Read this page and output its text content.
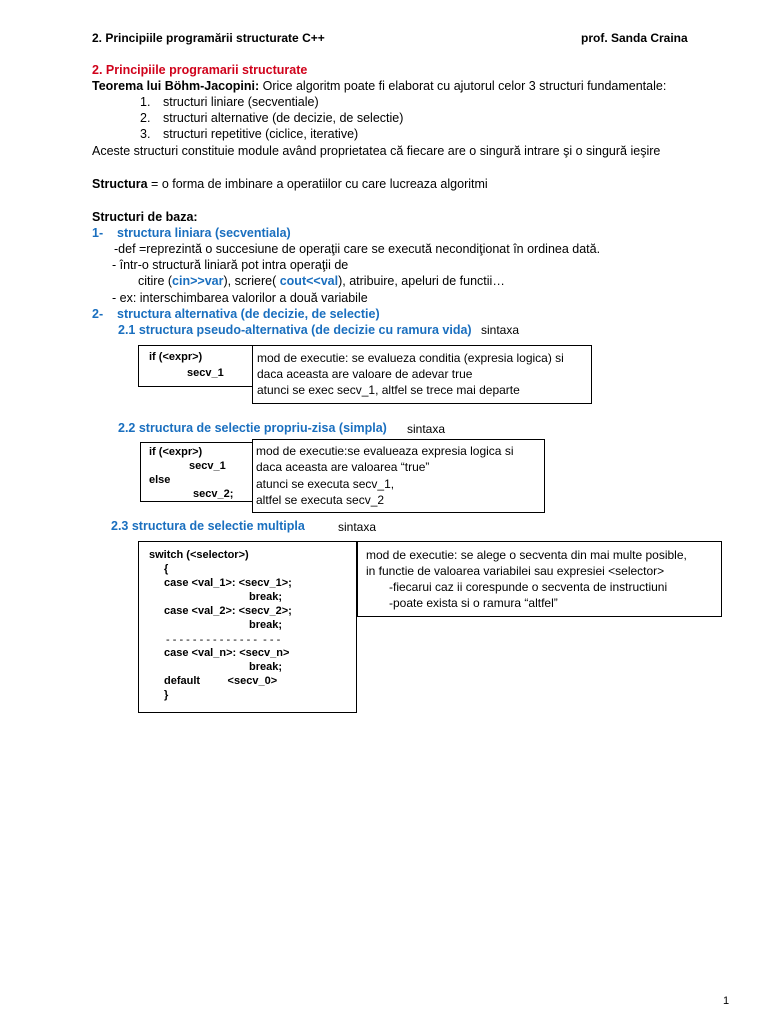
2. Principiile programării structurate C++	prof. Sanda Craina
2. Principiile programarii structurate
Teorema lui Böhm-Jacopini: Orice algoritm poate fi elaborat cu ajutorul celor 3 structuri fundamentale:
1. structuri liniare (secventiale)
2. structuri alternative (de decizie, de selectie)
3. structuri repetitive (ciclice, iterative)
Aceste structuri constituie module având proprietatea că fiecare are o singură intrare şi o singură ieşire
Structura = o forma de imbinare a operatiilor cu care lucreaza algoritmi
Structuri de baza:
1- structura liniara (secventiala)
-def =reprezintă o succesiune de operaţii care se execută necondiţionat în ordinea dată.
- într-o structură liniară pot intra operaţii de
citire (cin>>var), scriere( cout<<val), atribuire, apeluri de functii…
- ex: interschimbarea valorilor a două variabile
2- structura alternativa (de decizie, de selectie)
2.1 structura pseudo-alternativa (de decizie cu ramura vida) sintaxa
if (<expr>)
secv_1
mod de executie: se evalueza conditia (expresia logica) si
daca aceasta are valoare de adevar true
atunci se exec secv_1, altfel se trece mai departe
2.2 structura de selectie propriu-zisa (simpla) sintaxa
if (<expr>)
secv_1
else
secv_2;
mod de executie:se evalueaza expresia logica si
daca aceasta are valoarea “true”
atunci se executa secv_1,
altfel se executa secv_2
2.3 structura de selectie multipla	sintaxa
switch (<selector>)
{
case <val_1>: <secv_1>;
break;
case <val_2>: <secv_2>;
break;
- - - - - - - - - - - - - -  - - -
case <val_n>: <secv_n>
break;
default         <secv_0>
}
mod de executie: se alege o secventa din mai multe posible,
in functie de valoarea variabilei sau expresiei <selector>
-fiecarui caz ii corespunde o secventa de instructiuni
-poate exista si o ramura “altfel”
1
